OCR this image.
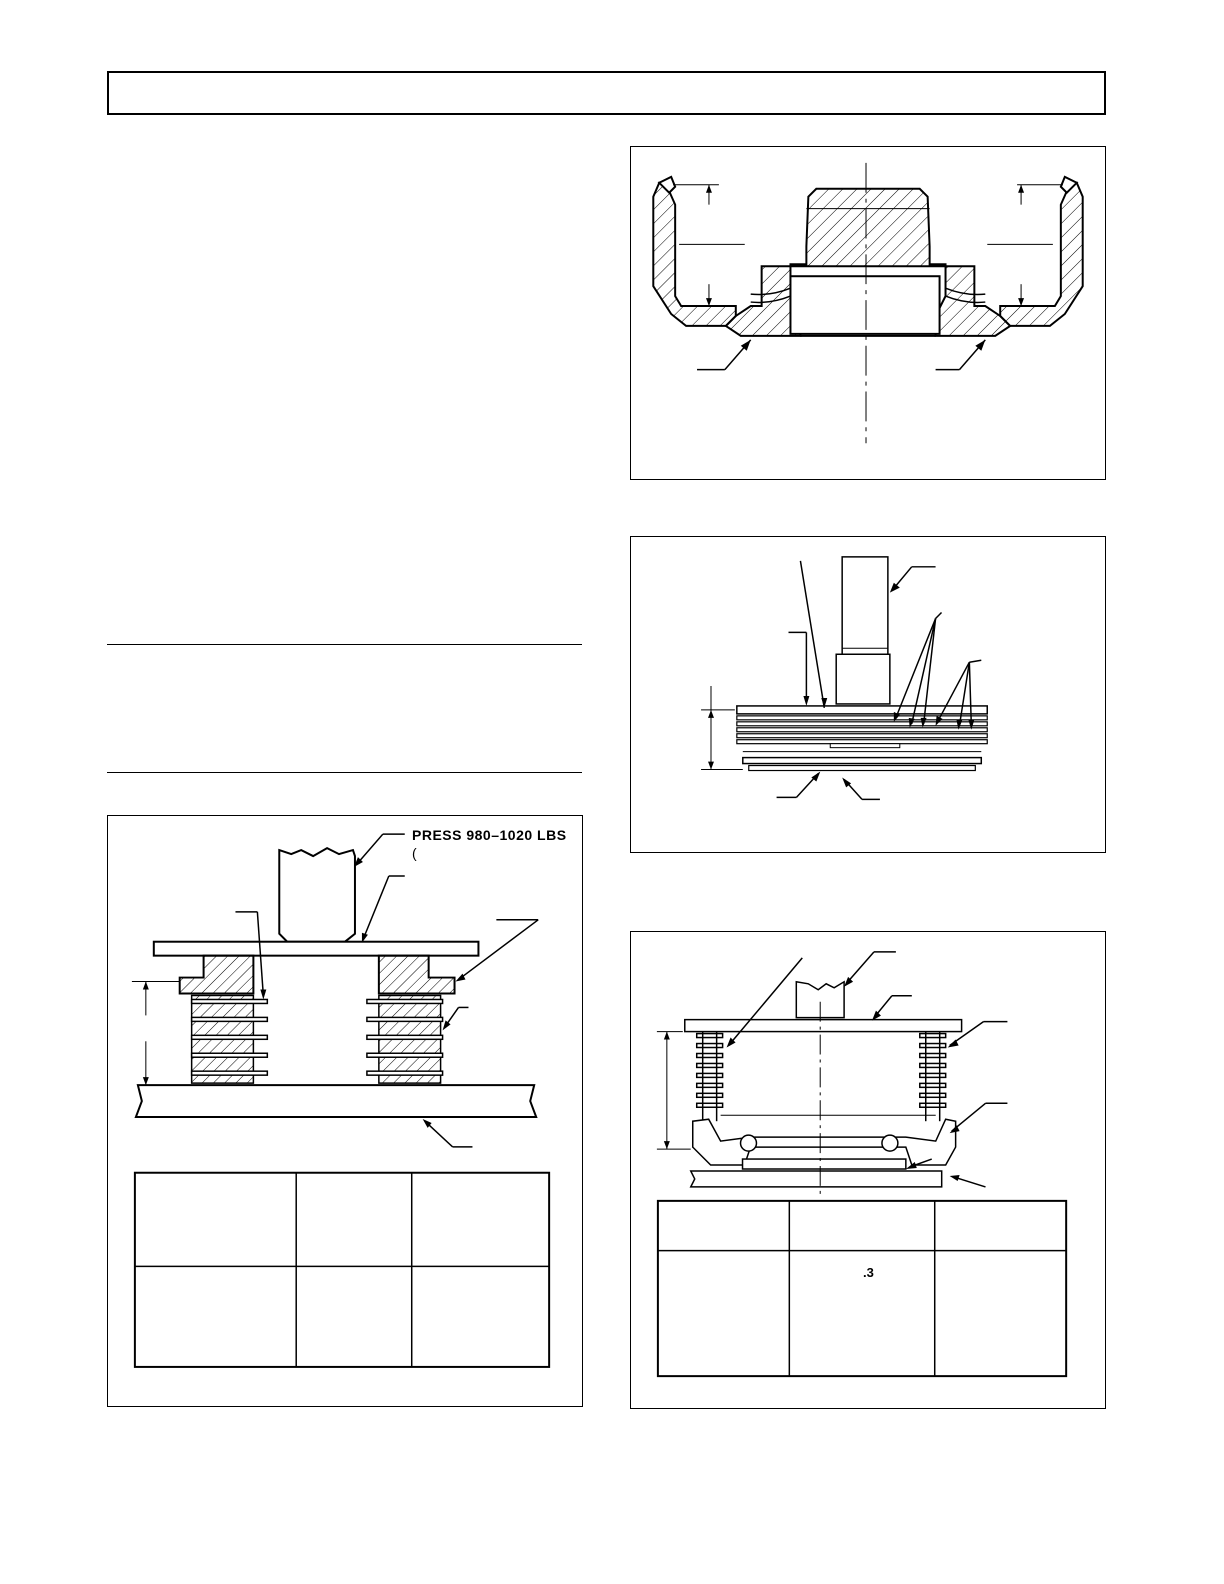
.3
PRESS 980–1020 LBS
(
